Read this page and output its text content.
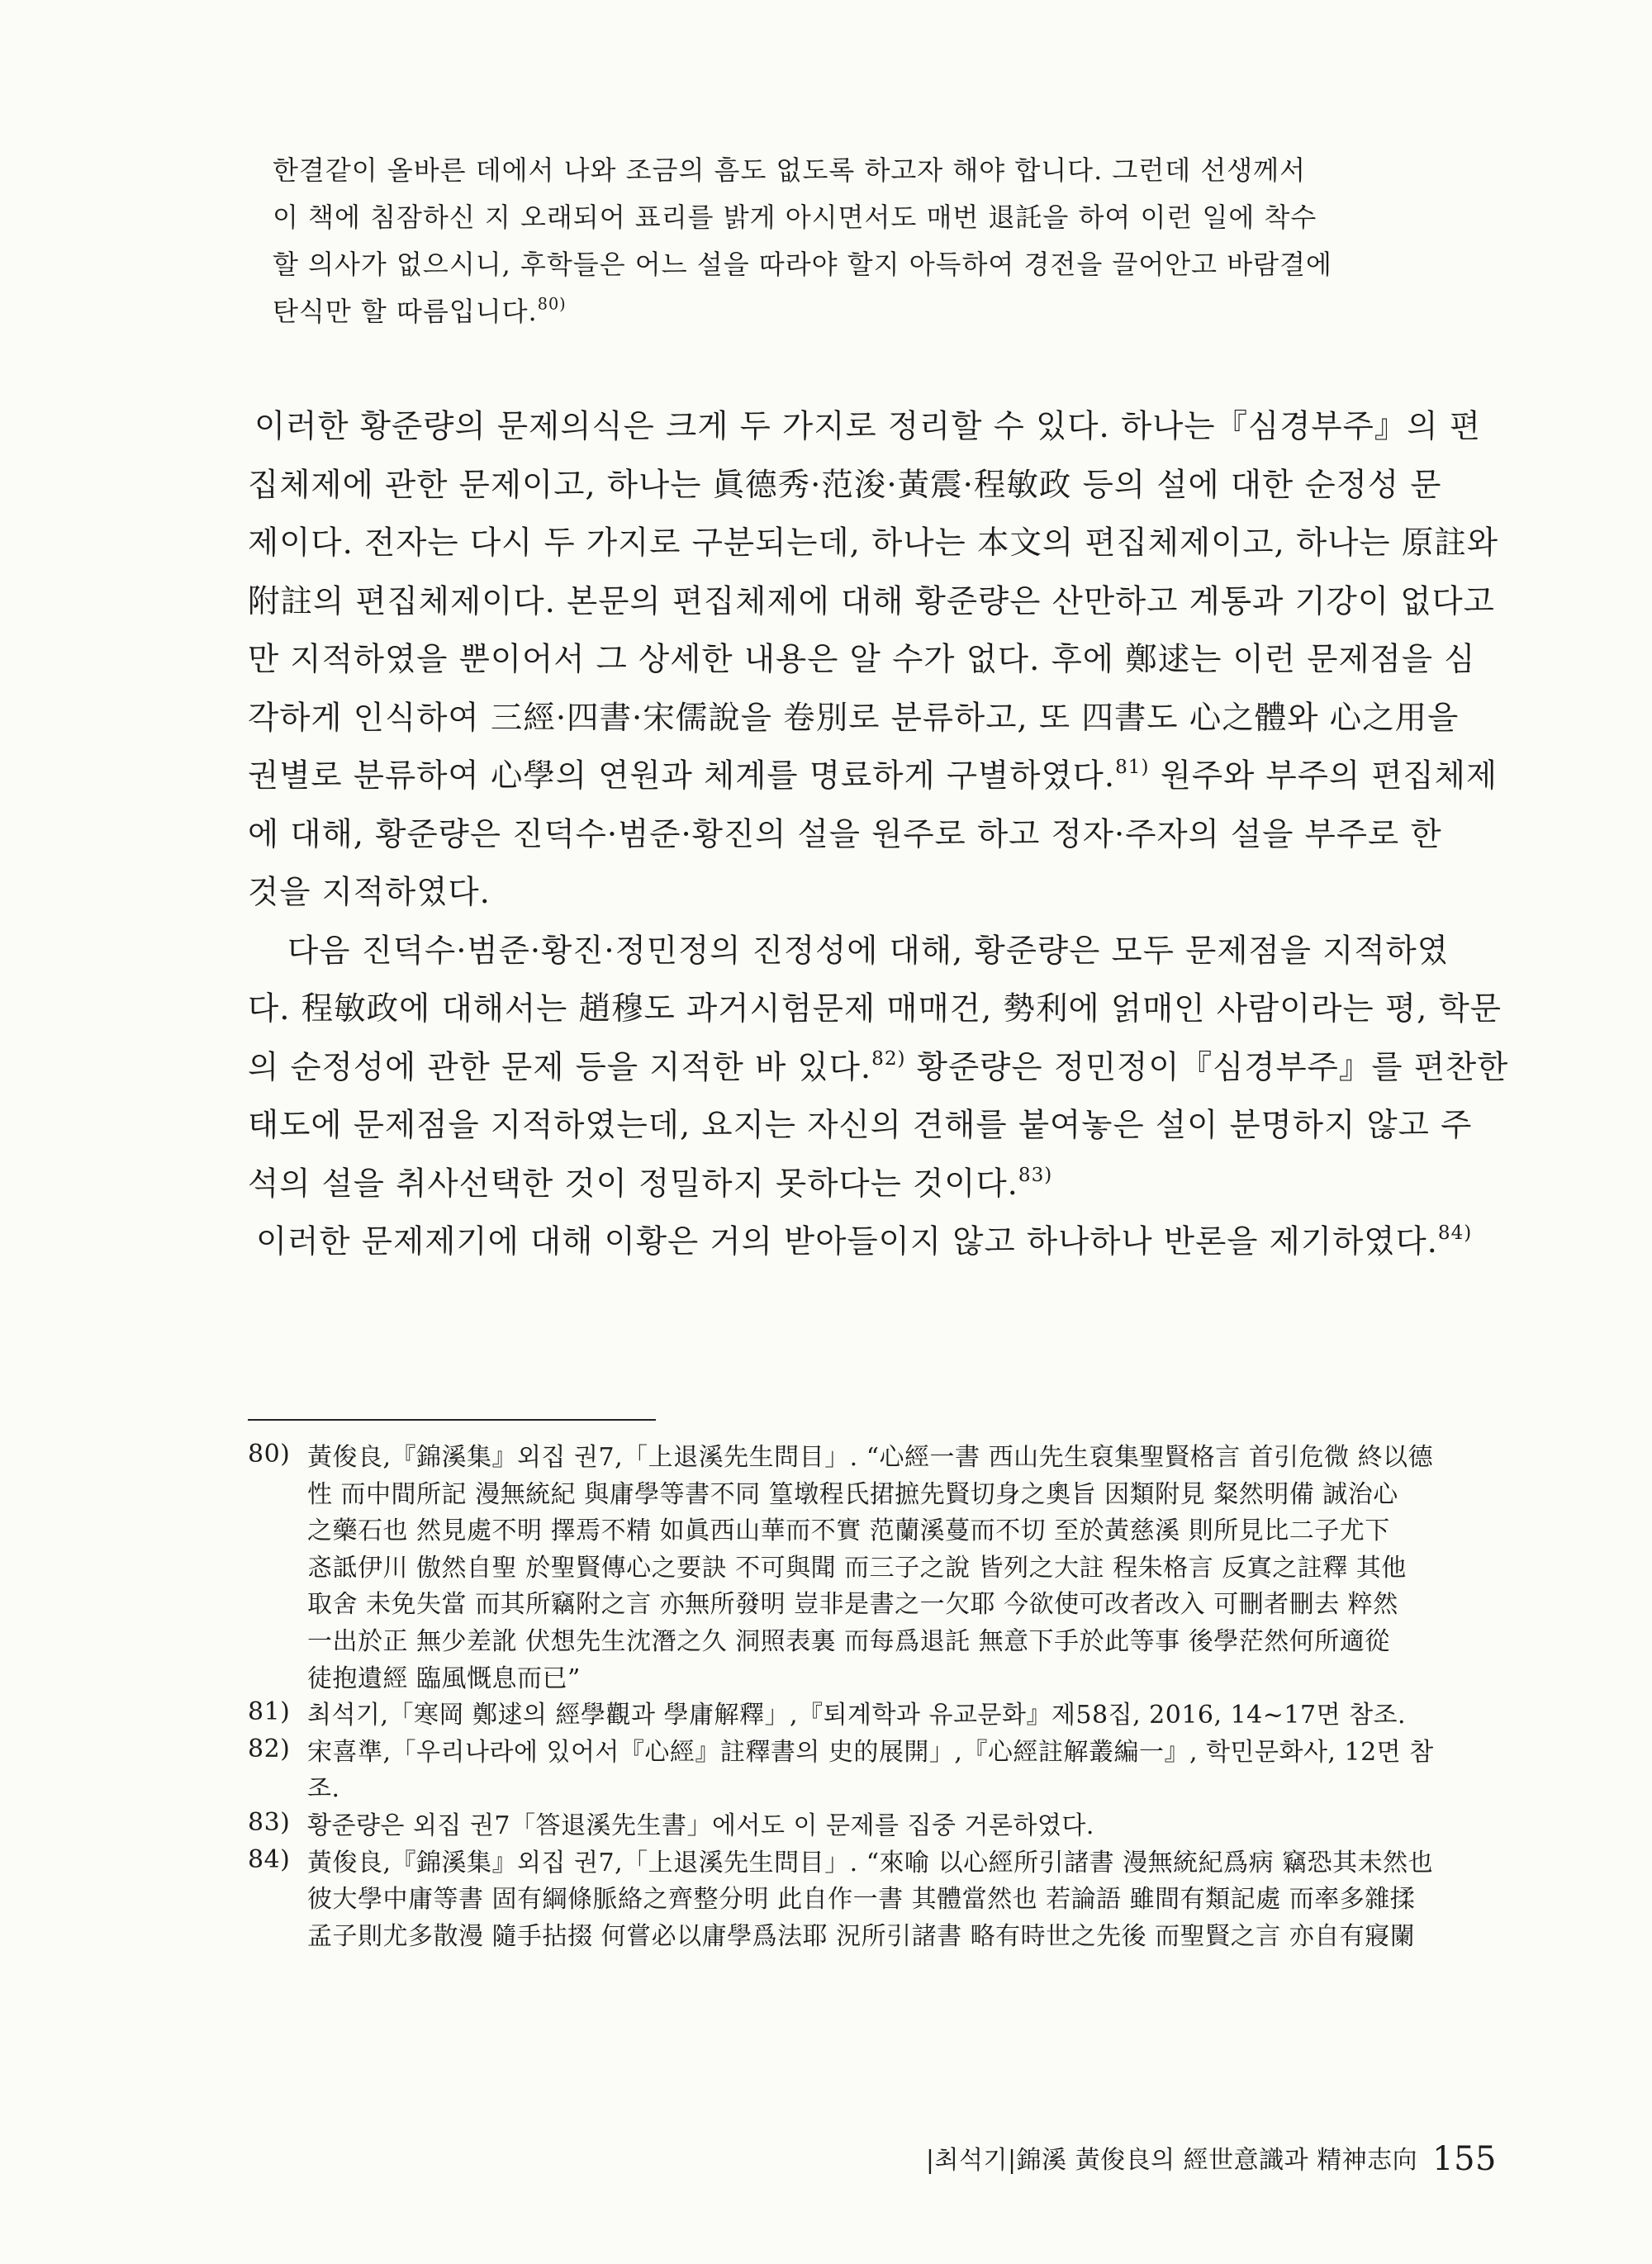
한결같이 올바른 데에서 나와 조금의 흠도 없도록 하고자 해야 합니다. 그런데 선생께서
이 책에 침잠하신 지 오래되어 표리를 밝게 아시면서도 매번 退託을 하여 이런 일에 착수
할 의사가 없으시니, 후학들은 어느 설을 따라야 할지 아득하여 경전을 끌어안고 바람결에
탄식만 할 따름입니다.$^{80)}$
이러한 황준량의 문제의식은 크게 두 가지로 정리할 수 있다. 하나는『심경부주』의 편
집체제에 관한 문제이고, 하나는 眞德秀·范浚·黃震·程敏政 등의 설에 대한 순정성 문
제이다. 전자는 다시 두 가지로 구분되는데, 하나는 本文의 편집체제이고, 하나는 原註와
附註의 편집체제이다. 본문의 편집체제에 대해 황준량은 산만하고 계통과 기강이 없다고
만 지적하였을 뿐이어서 그 상세한 내용은 알 수가 없다. 후에 鄭逑는 이런 문제점을 심
각하게 인식하여 三經·四書·宋儒說을 卷別로 분류하고, 또 四書도 心之體와 心之用을
권별로 분류하여 心學의 연원과 체계를 명료하게 구별하였다.$^{81)}$ 원주와 부주의 편집체제
에 대해, 황준량은 진덕수·범준·황진의 설을 원주로 하고 정자·주자의 설을 부주로 한
것을 지적하였다.
다음 진덕수·범준·황진·정민정의 진정성에 대해, 황준량은 모두 문제점을 지적하였
다. 程敏政에 대해서는 趙穆도 과거시험문제 매매건, 勢利에 얽매인 사람이라는 평, 학문
의 순정성에 관한 문제 등을 지적한 바 있다.$^{82)}$ 황준량은 정민정이『심경부주』를 편찬한
태도에 문제점을 지적하였는데, 요지는 자신의 견해를 붙여놓은 설이 분명하지 않고 주
석의 설을 취사선택한 것이 정밀하지 못하다는 것이다.$^{83)}$
이러한 문제제기에 대해 이황은 거의 받아들이지 않고 하나하나 반론을 제기하였다.$^{84)}$
80) 黃俊良,『錦溪集』외집 권7,「上退溪先生問目」. “心經一書 西山先生裒集聖賢格言 首引危微 終以德
性 而中間所記 漫無統紀 與庸學等書不同 篁墩程氏捃摭先賢切身之奧旨 因類附見 粲然明備 誠治心
之藥石也 然見處不明 擇焉不精 如眞西山華而不實 范蘭溪蔓而不切 至於黃慈溪 則所見比二子尤下
忞詆伊川 傲然自聖 於聖賢傳心之要訣 不可與聞 而三子之說 皆列之大註 程朱格言 反寘之註釋 其他
取舍 未免失當 而其所竊附之言 亦無所發明 豈非是書之一欠耶 今欲使可改者改入 可刪者刪去 粹然
一出於正 無少差訛 伏想先生沈潛之久 洞照表裏 而每爲退託 無意下手於此等事 後學茫然何所適從
徒抱遺經 臨風慨息而已”
81) 최석기,「寒岡 鄭逑의 經學觀과 學庸解釋」,『퇴계학과 유교문화』제58집, 2016, 14~17면 참조.
82) 宋喜準,「우리나라에 있어서『心經』註釋書의 史的展開」,『心經註解叢編一』, 학민문화사, 12면 참
조.
83) 황준량은 외집 권7「答退溪先生書」에서도 이 문제를 집중 거론하였다.
84) 黃俊良,『錦溪集』외집 권7,「上退溪先生問目」. “來喻 以心經所引諸書 漫無統紀爲病 竊恐其未然也
彼大學中庸等書 固有綱條脈絡之齊整分明 此自作一書 其體當然也 若論語 雖間有類記處 而率多雜揉
孟子則尤多散漫 隨手拈掇 何嘗必以庸學爲法耶 況所引諸書 略有時世之先後 而聖賢之言 亦自有寢闌
|최석기|錦溪 黃俊良의 經世意識과 精神志向 155
